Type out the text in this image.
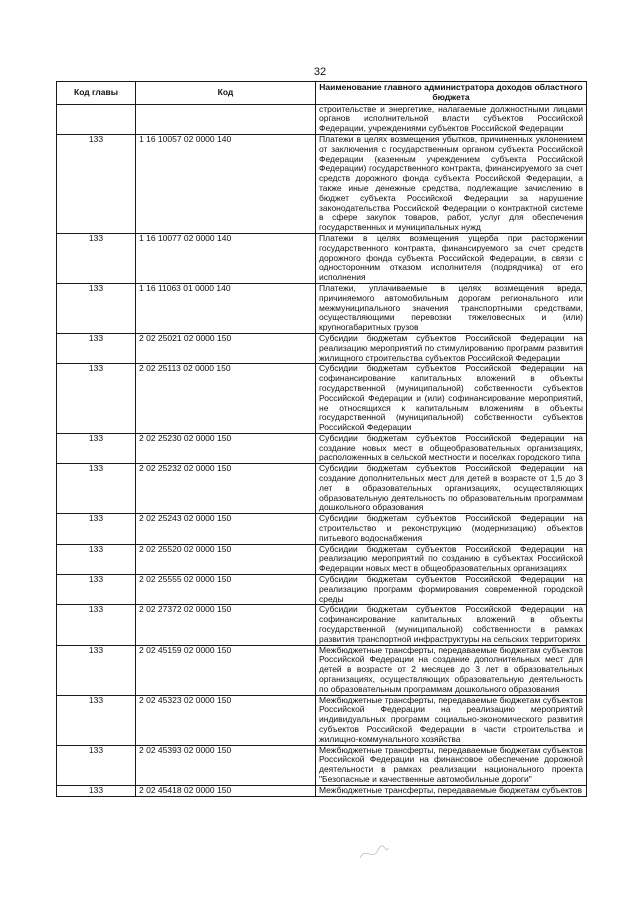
32
Код главы	Код	Наименование главного администратора доходов областного бюджета
		строительстве и энергетике, налагаемые должностными лицами органов исполнительной власти субъектов Российской Федерации, учреждениями субъектов Российской Федерации
133	1 16 10057 02 0000 140	Платежи в целях возмещения убытков, причиненных уклонением от заключения с государственным органом субъекта Российской Федерации (казенным учреждением субъекта Российской Федерации) государственного контракта, финансируемого за счет средств дорожного фонда субъекта Российской Федерации, а также иные денежные средства, подлежащие зачислению в бюджет субъекта Российской Федерации за нарушение законодательства Российской Федерации о контрактной системе в сфере закупок товаров, работ, услуг для обеспечения государственных и муниципальных нужд
133	1 16 10077 02 0000 140	Платежи в целях возмещения ущерба при расторжении государственного контракта, финансируемого за счет средств дорожного фонда субъекта Российской Федерации, в связи с односторонним отказом исполнителя (подрядчика) от его исполнения
133	1 16 11063 01 0000 140	Платежи, уплачиваемые в целях возмещения вреда, причиняемого автомобильным дорогам регионального или межмуниципального значения транспортными средствами, осуществляющими перевозки тяжеловесных и (или) крупногабаритных грузов
133	2 02 25021 02 0000 150	Субсидии бюджетам субъектов Российской Федерации на реализацию мероприятий по стимулированию программ развития жилищного строительства субъектов Российской Федерации
133	2 02 25113 02 0000 150	Субсидии бюджетам субъектов Российской Федерации на софинансирование капитальных вложений в объекты государственной (муниципальной) собственности субъектов Российской Федерации и (или) софинансирование мероприятий, не относящихся к капитальным вложениям в объекты государственной (муниципальной) собственности субъектов Российской Федерации
133	2 02 25230 02 0000 150	Субсидии бюджетам субъектов Российской Федерации на создание новых мест в общеобразовательных организациях, расположенных в сельской местности и поселках городского типа
133	2 02 25232 02 0000 150	Субсидии бюджетам субъектов Российской Федерации на создание дополнительных мест для детей в возрасте от 1,5 до 3 лет в образовательных организациях, осуществляющих образовательную деятельность по образовательным программам дошкольного образования
133	2 02 25243 02 0000 150	Субсидии бюджетам субъектов Российской Федерации на строительство и реконструкцию (модернизацию) объектов питьевого водоснабжения
133	2 02 25520 02 0000 150	Субсидии бюджетам субъектов Российской Федерации на реализацию мероприятий по созданию в субъектах Российской Федерации новых мест в общеобразовательных организациях
133	2 02 25555 02 0000 150	Субсидии бюджетам субъектов Российской Федерации на реализацию программ формирования современной городской среды
133	2 02 27372 02 0000 150	Субсидии бюджетам субъектов Российской Федерации на софинансирование капитальных вложений в объекты государственной (муниципальной) собственности в рамках развития транспортной инфраструктуры на сельских территориях
133	2 02 45159 02 0000 150	Межбюджетные трансферты, передаваемые бюджетам субъектов Российской Федерации на создание дополнительных мест для детей в возрасте от 2 месяцев до 3 лет в образовательных организациях, осуществляющих образовательную деятельность по образовательным программам дошкольного образования
133	2 02 45323 02 0000 150	Межбюджетные трансферты, передаваемые бюджетам субъектов Российской Федерации на реализацию мероприятий индивидуальных программ социально-экономического развития субъектов Российской Федерации в части строительства и жилищно-коммунального хозяйства
133	2 02 45393 02 0000 150	Межбюджетные трансферты, передаваемые бюджетам субъектов Российской Федерации на финансовое обеспечение дорожной деятельности в рамках реализации национального проекта "Безопасные и качественные автомобильные дороги"
133	2 02 45418 02 0000 150	Межбюджетные трансферты, передаваемые бюджетам субъектов
